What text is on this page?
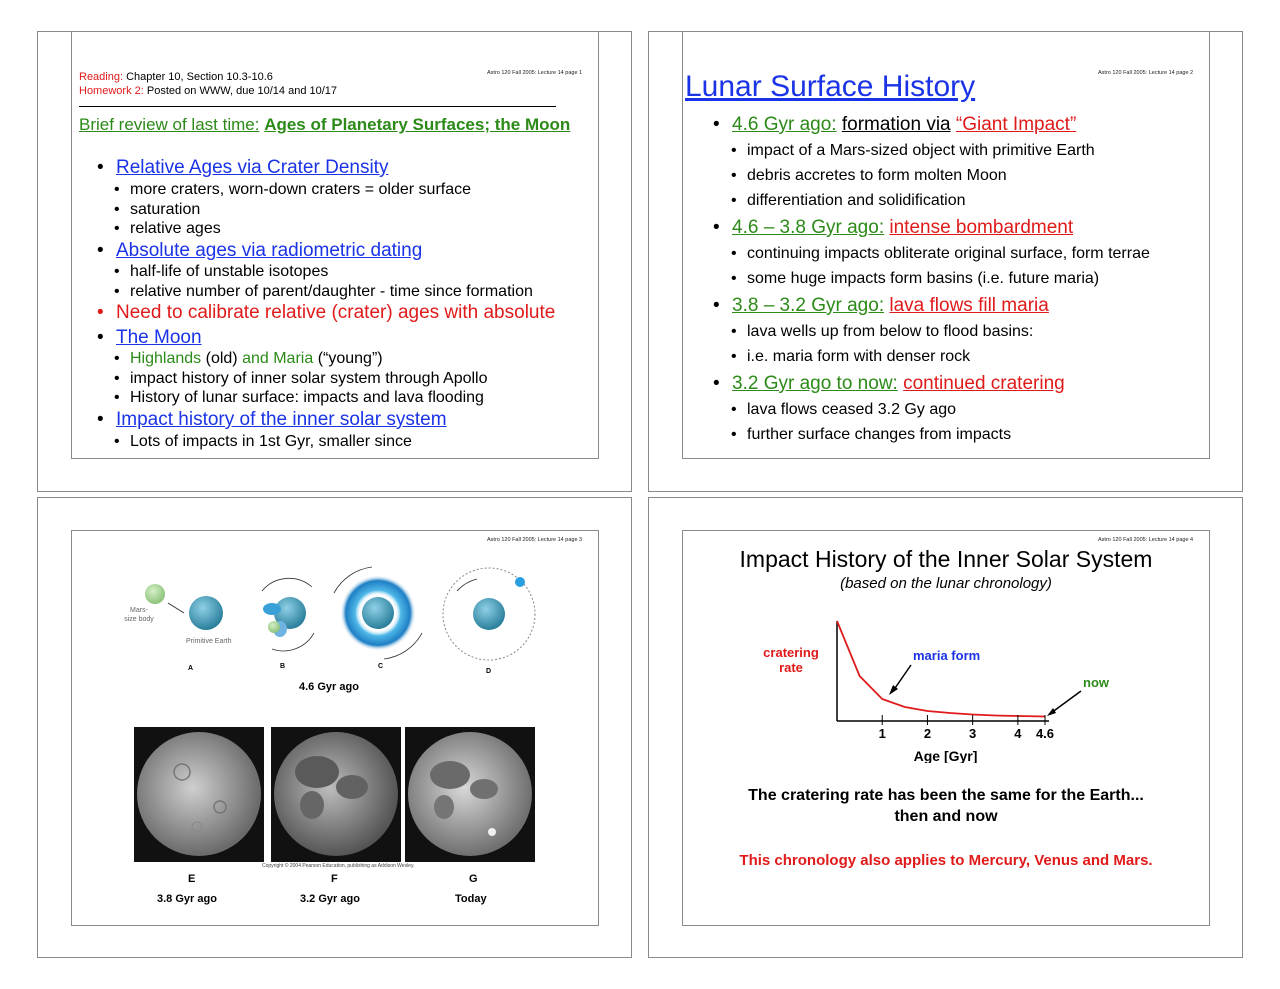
Astro 120 Fall 2005: Lecture 14 page 1
Reading: Chapter 10, Section 10.3-10.6
Homework 2: Posted on WWW, due 10/14 and 10/17
Brief review of last time: Ages of Planetary Surfaces; the Moon
• Relative Ages via Crater Density
• more craters, worn-down craters = older surface
• saturation
• relative ages
• Absolute ages via radiometric dating
• half-life of unstable isotopes
• relative number of parent/daughter - time since formation
• Need to calibrate relative (crater) ages with absolute
• The Moon
• Highlands (old) and Maria (“young”)
• impact history of inner solar system through Apollo
• History of lunar surface: impacts and lava flooding
• Impact history of the inner solar system
• Lots of impacts in 1st Gyr, smaller since
Astro 120 Fall 2005: Lecture 14 page 2
Lunar Surface History
• 4.6 Gyr ago: formation via “Giant Impact”
• impact of a Mars-sized object with primitive Earth
• debris accretes to form molten Moon
• differentiation and solidification
• 4.6 – 3.8 Gyr ago: intense bombardment
• continuing impacts obliterate original surface, form terrae
• some huge impacts form basins (i.e. future maria)
• 3.8 – 3.2 Gyr ago: lava flows fill maria
• lava wells up from below to flood basins:
• i.e. maria form with denser rock
• 3.2 Gyr ago to now: continued cratering
• lava flows ceased 3.2 Gy ago
• further surface changes from impacts
Astro 120 Fall 2005: Lecture 14 page 3
Mars-size body
Primitive Earth
A	B	C
D
4.6 Gyr ago
Copyright © 2004 Pearson Education, publishing as Addison Wesley.
E	F	G
3.8 Gyr ago	3.2 Gyr ago	Today
Astro 120 Fall 2005: Lecture 14 page 4
Impact History of the Inner Solar System
(based on the lunar chronology)
1	2	3	4 4.6
cratering rate
Age [Gyr]
maria form
now
The cratering rate has been the same for the Earth...
then and now
This chronology also applies to Mercury, Venus and Mars.
